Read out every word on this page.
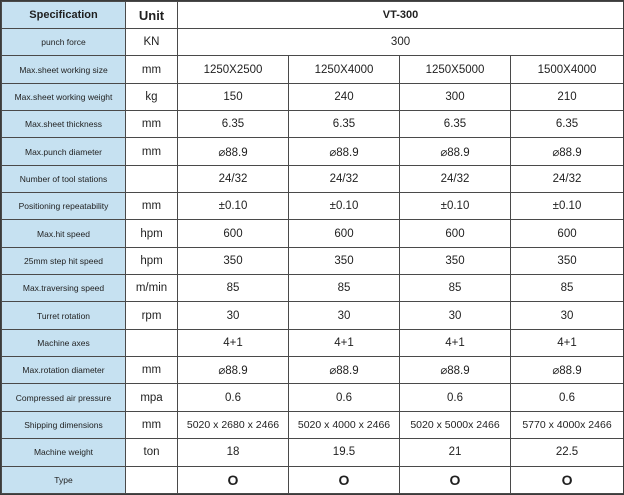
Specification	Unit	VT-300			
punch force	KN	300			
Max.sheet working size	mm	1250X2500	1250X4000	1250X5000	1500X4000
Max.sheet working weight	kg	150	240	300	210
Max.sheet thickness	mm	6.35	6.35	6.35	6.35
Max.punch diameter	mm	⌀88.9	⌀88.9	⌀88.9	⌀88.9
Number of tool stations		24/32	24/32	24/32	24/32
Positioning repeatability	mm	±0.10	±0.10	±0.10	±0.10
Max.hit speed	hpm	600	600	600	600
25mm step hit speed	hpm	350	350	350	350
Max.traversing speed	m/min	85	85	85	85
Turret rotation	rpm	30	30	30	30
Machine axes		4+1	4+1	4+1	4+1
Max.rotation diameter	mm	⌀88.9	⌀88.9	⌀88.9	⌀88.9
Compressed air pressure	mpa	0.6	0.6	0.6	0.6
Shipping dimensions	mm	5020 x 2680 x 2466	5020 x 4000 x 2466	5020 x 5000x 2466	5770 x 4000x 2466
Machine weight	ton	18	19.5	21	22.5
Type		O	O	O	O
